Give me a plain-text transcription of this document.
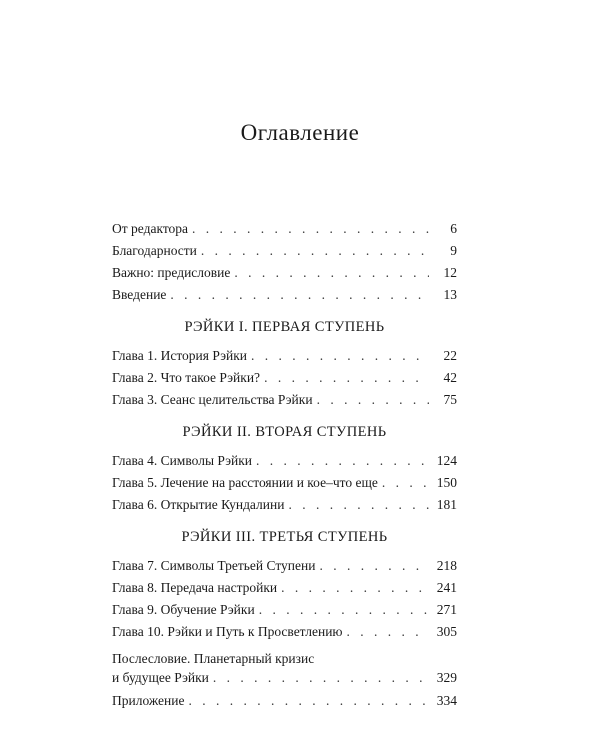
Оглавление
От редактора . . .	6
Благодарности . . .	9
Важно: предисловие . . .	12
Введение . . .	13
РЭЙКИ I. ПЕРВАЯ СТУПЕНЬ
Глава 1. История Рэйки . . .	22
Глава 2. Что такое Рэйки? . . .	42
Глава 3. Сеанс целительства Рэйки . . .	75
РЭЙКИ II. ВТОРАЯ СТУПЕНЬ
Глава 4. Символы Рэйки . . .	124
Глава 5. Лечение на расстоянии и кое–что еще . . .	150
Глава 6. Открытие Кундалини . . .	181
РЭЙКИ III. ТРЕТЬЯ СТУПЕНЬ
Глава 7. Символы Третьей Ступени . . .	218
Глава 8. Передача настройки . . .	241
Глава 9. Обучение Рэйки . . .	271
Глава 10. Рэйки и Путь к Просветлению . . .	305
Послесловие. Планетарный кризис
и будущее Рэйки . . .	329
Приложение . . .	334
